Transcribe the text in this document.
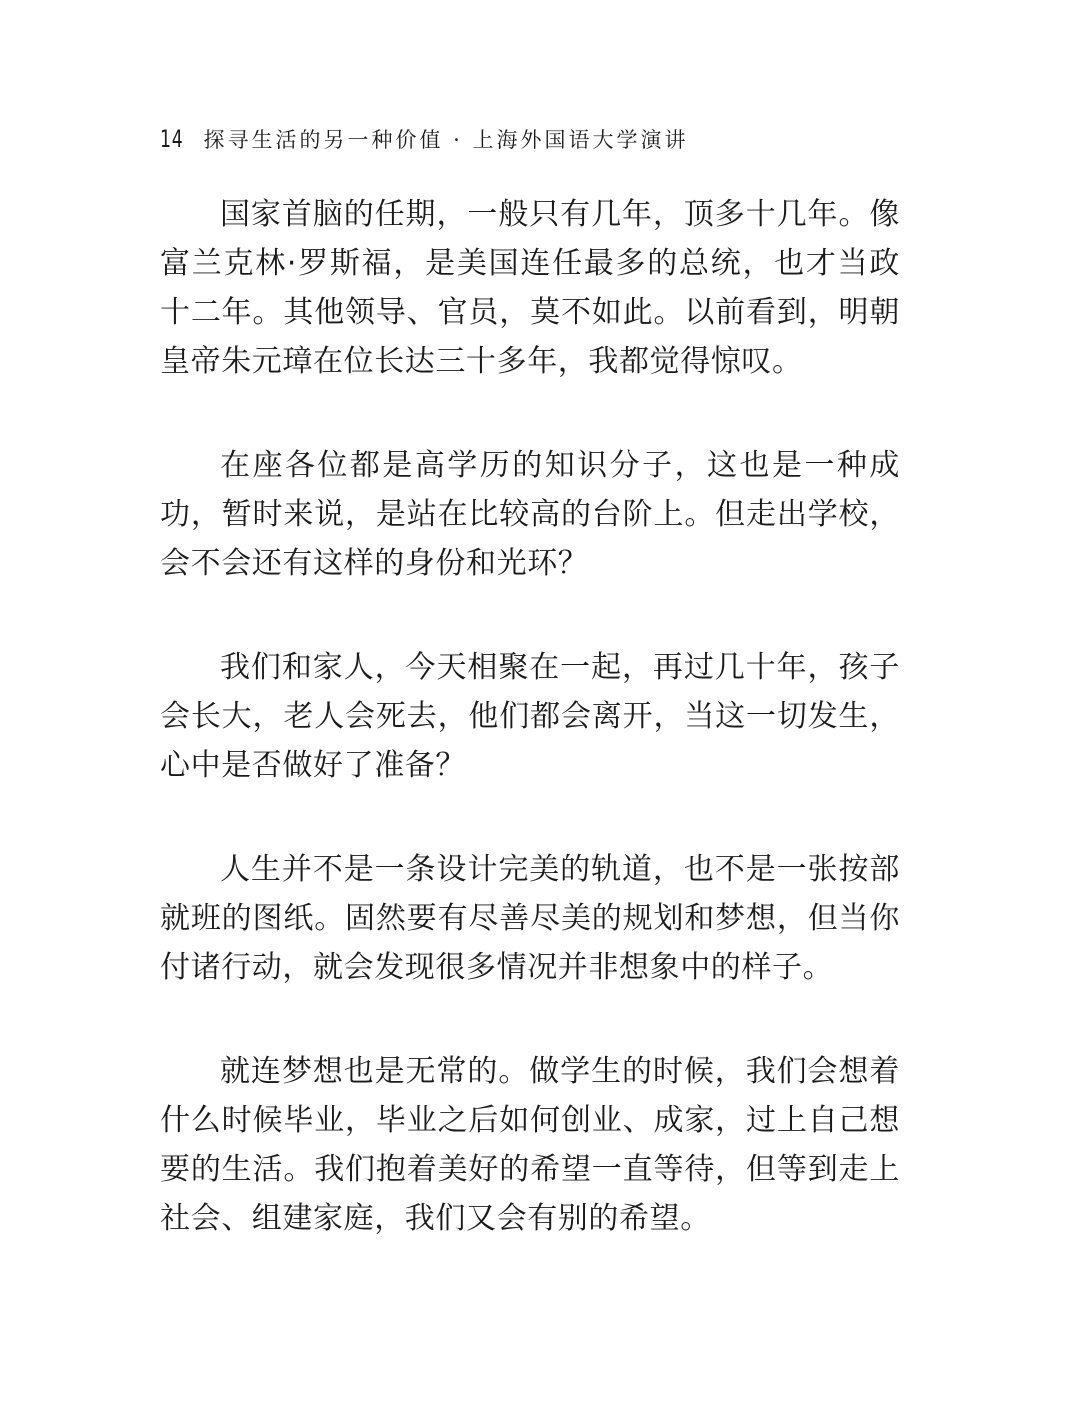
14 探寻生活的另一种价值 · 上海外国语大学演讲

国家首脑的任期，一般只有几年，顶多十几年。像富兰克林·罗斯福，是美国连任最多的总统，也才当政十二年。其他领导、官员，莫不如此。以前看到，明朝皇帝朱元璋在位长达三十多年，我都觉得惊叹。

在座各位都是高学历的知识分子，这也是一种成功，暂时来说，是站在比较高的台阶上。但走出学校，会不会还有这样的身份和光环？

我们和家人，今天相聚在一起，再过几十年，孩子会长大，老人会死去，他们都会离开，当这一切发生，心中是否做好了准备？

人生并不是一条设计完美的轨道，也不是一张按部就班的图纸。固然要有尽善尽美的规划和梦想，但当你付诸行动，就会发现很多情况并非想象中的样子。

就连梦想也是无常的。做学生的时候，我们会想着什么时候毕业，毕业之后如何创业、成家，过上自己想要的生活。我们抱着美好的希望一直等待，但等到走上社会、组建家庭，我们又会有别的希望。
